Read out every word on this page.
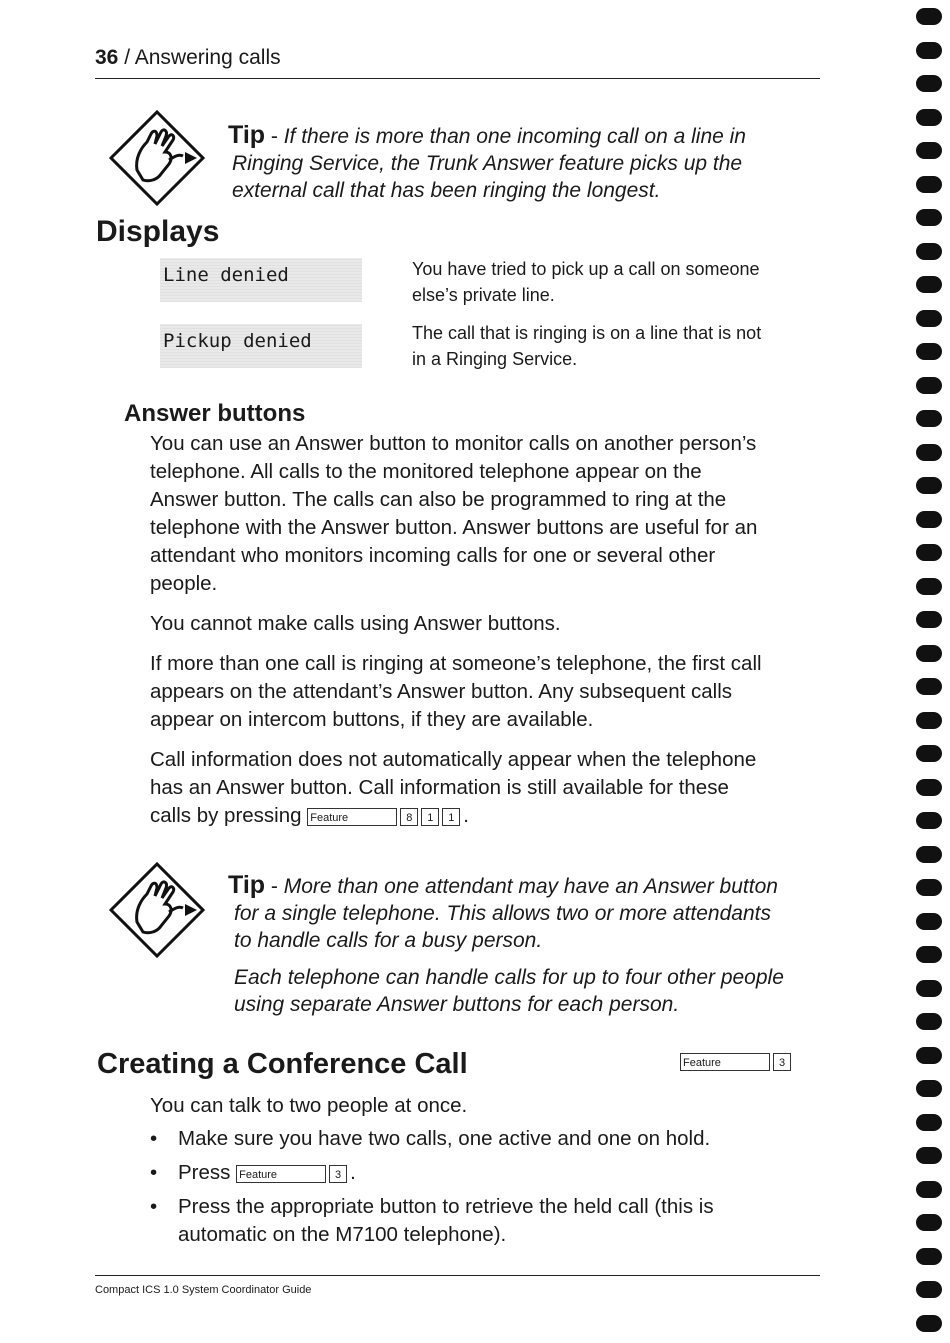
36 / Answering calls
Tip - If there is more than one incoming call on a line in
Ringing Service, the Trunk Answer feature picks up the
external call that has been ringing the longest.
Displays
Line denied	You have tried to pick up a call on someone
else’s private line.
Pickup denied	The call that is ringing is on a line that is not
in a Ringing Service.
Answer buttons
You can use an Answer button to monitor calls on another person’s
telephone. All calls to the monitored telephone appear on the
Answer button. The calls can also be programmed to ring at the
telephone with the Answer button. Answer buttons are useful for an
attendant who monitors incoming calls for one or several other
people.
You cannot make calls using Answer buttons.
If more than one call is ringing at someone’s telephone, the first call
appears on the attendant’s Answer button. Any subsequent calls
appear on intercom buttons, if they are available.
Call information does not automatically appear when the telephone
has an Answer button. Call information is still available for these
calls by pressing Feature	8 1 1 .
Tip - More than one attendant may have an Answer button
for a single telephone. This allows two or more attendants
to handle calls for a busy person.
Each telephone can handle calls for up to four other people
using separate Answer buttons for each person.
Creating a Conference Call	Feature	3
You can talk to two people at once.
• Make sure you have two calls, one active and one on hold.
• Press Feature	3 .
• Press the appropriate button to retrieve the held call (this is
automatic on the M7100 telephone).
Compact ICS 1.0 System Coordinator Guide
